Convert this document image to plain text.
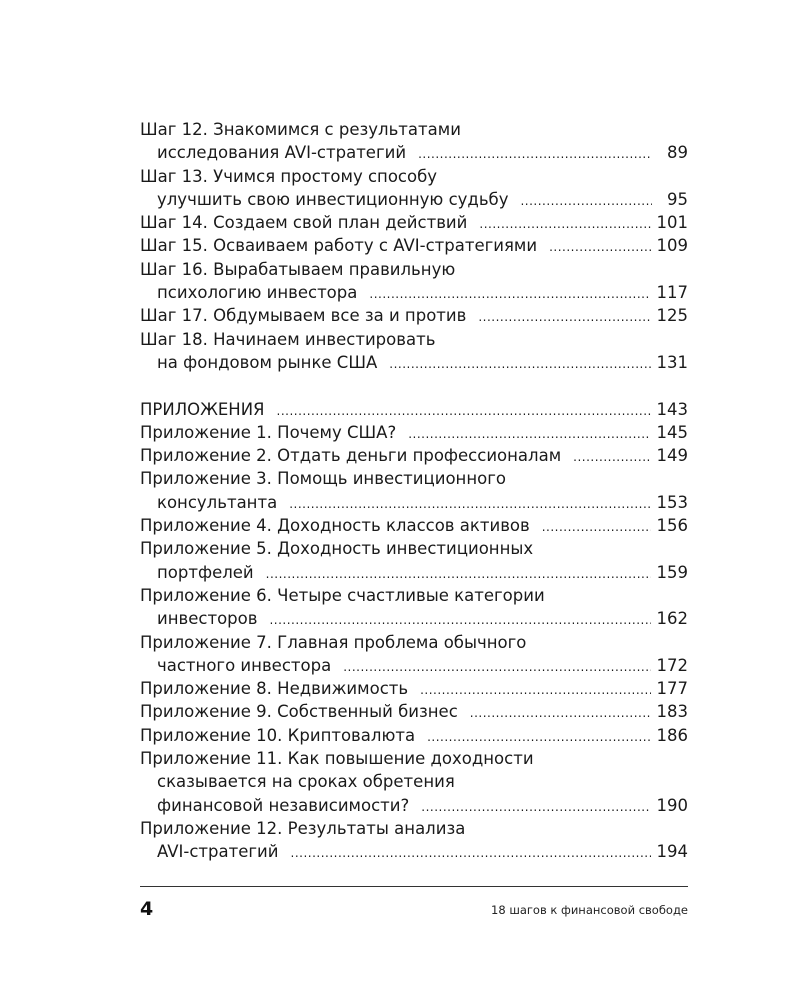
Шаг 12. Знакомимся с результатами
исследования AVI-стратегий .....	89
Шаг 13. Учимся простому способу
улучшить свою инвестиционную судьбу .....	95
Шаг 14. Создаем свой план действий .....	101
Шаг 15. Осваиваем работу с AVI-стратегиями .....	109
Шаг 16. Вырабатываем правильную
психологию инвестора .....	117
Шаг 17. Обдумываем все за и против .....	125
Шаг 18. Начинаем инвестировать
на фондовом рынке США .....	131
ПРИЛОЖЕНИЯ .....	143
Приложение 1. Почему США? .....	145
Приложение 2. Отдать деньги профессионалам .....	149
Приложение 3. Помощь инвестиционного
консультанта .....	153
Приложение 4. Доходность классов активов .....	156
Приложение 5. Доходность инвестиционных
портфелей .....	159
Приложение 6. Четыре счастливые категории
инвесторов .....	162
Приложение 7. Главная проблема обычного
частного инвестора .....	172
Приложение 8. Недвижимость .....	177
Приложение 9. Собственный бизнес .....	183
Приложение 10. Криптовалюта .....	186
Приложение 11. Как повышение доходности
сказывается на сроках обретения
финансовой независимости? .....	190
Приложение 12. Результаты анализа
AVI-стратегий .....	194
4	18 шагов к финансовой свободе
